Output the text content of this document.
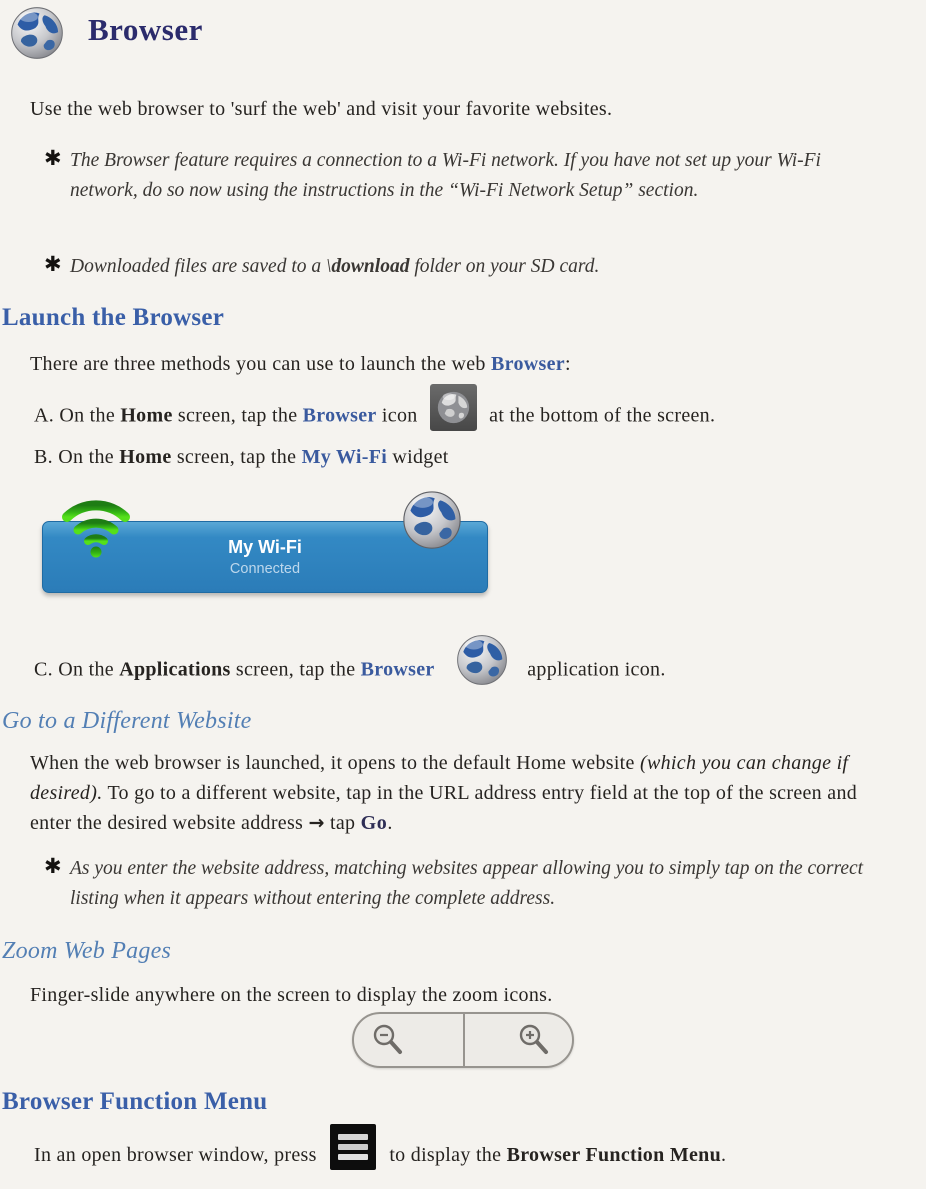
Browser
Use the web browser to 'surf the web' and visit your favorite websites.
✱ The Browser feature requires a connection to a Wi-Fi network. If you have not set up your Wi-Fi network, do so now using the instructions in the “Wi-Fi Network Setup” section.
✱ Downloaded files are saved to a \download folder on your SD card.
Launch the Browser
There are three methods you can use to launch the web Browser:
A. On the Home screen, tap the Browser icon	at the bottom of the screen.
B. On the Home screen, tap the My Wi-Fi widget
My Wi-Fi
Connected
C. On the Applications screen, tap the Browser	application icon.
Go to a Different Website
When the web browser is launched, it opens to the default Home website (which you can change if desired). To go to a different website, tap in the URL address entry field at the top of the screen and enter the desired website address → tap Go.
✱ As you enter the website address, matching websites appear allowing you to simply tap on the correct listing when it appears without entering the complete address.
Zoom Web Pages
Finger-slide anywhere on the screen to display the zoom icons.
Browser Function Menu
In an open browser window, press	to display the Browser Function Menu.
